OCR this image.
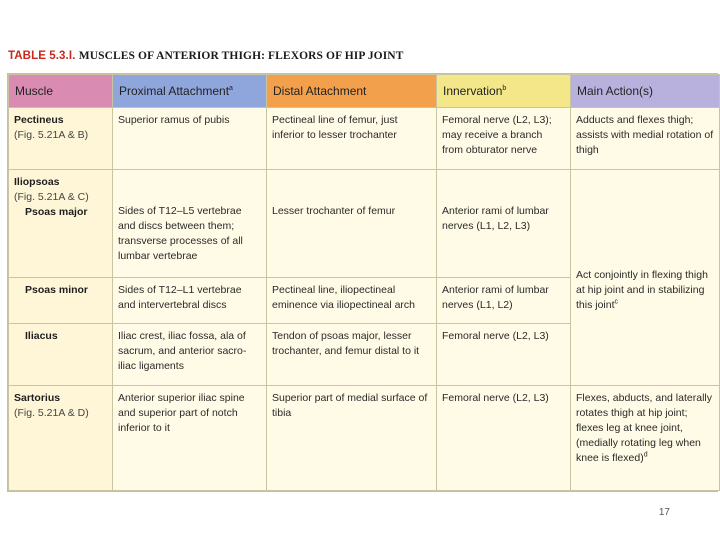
TABLE 5.3.I. MUSCLES OF ANTERIOR THIGH: FLEXORS OF HIP JOINT
Muscle	Proximal Attachment$^a$	Distal Attachment	Innervation$^b$	Main Action(s)

Pectineus
(Fig. 5.21A & B)	Superior ramus of pubis	Pectineal line of femur, just inferior to lesser trochanter	Femoral nerve (L2, L3); may receive a branch from obturator nerve	Adducts and flexes thigh; assists with medial rotation of thigh

Iliopsoas
(Fig. 5.21A & C)
Psoas major	Sides of T12–L5 vertebrae and discs between them; transverse processes of all lumbar vertebrae	Lesser trochanter of femur	Anterior rami of lumbar nerves (L1, L2, L3)	Act conjointly in flexing thigh at hip joint and in stabilizing this joint$^c$

Psoas minor	Sides of T12–L1 vertebrae and intervertebral discs	Pectineal line, iliopectineal eminence via iliopectineal arch	Anterior rami of lumbar nerves (L1, L2)	

Iliacus	Iliac crest, iliac fossa, ala of sacrum, and anterior sacro-iliac ligaments	Tendon of psoas major, lesser trochanter, and femur distal to it	Femoral nerve (L2, L3)	

Sartorius
(Fig. 5.21A & D)	Anterior superior iliac spine and superior part of notch inferior to it	Superior part of medial surface of tibia	Femoral nerve (L2, L3)	Flexes, abducts, and laterally rotates thigh at hip joint; flexes leg at knee joint, (medially rotating leg when knee is flexed)$^d$
17
